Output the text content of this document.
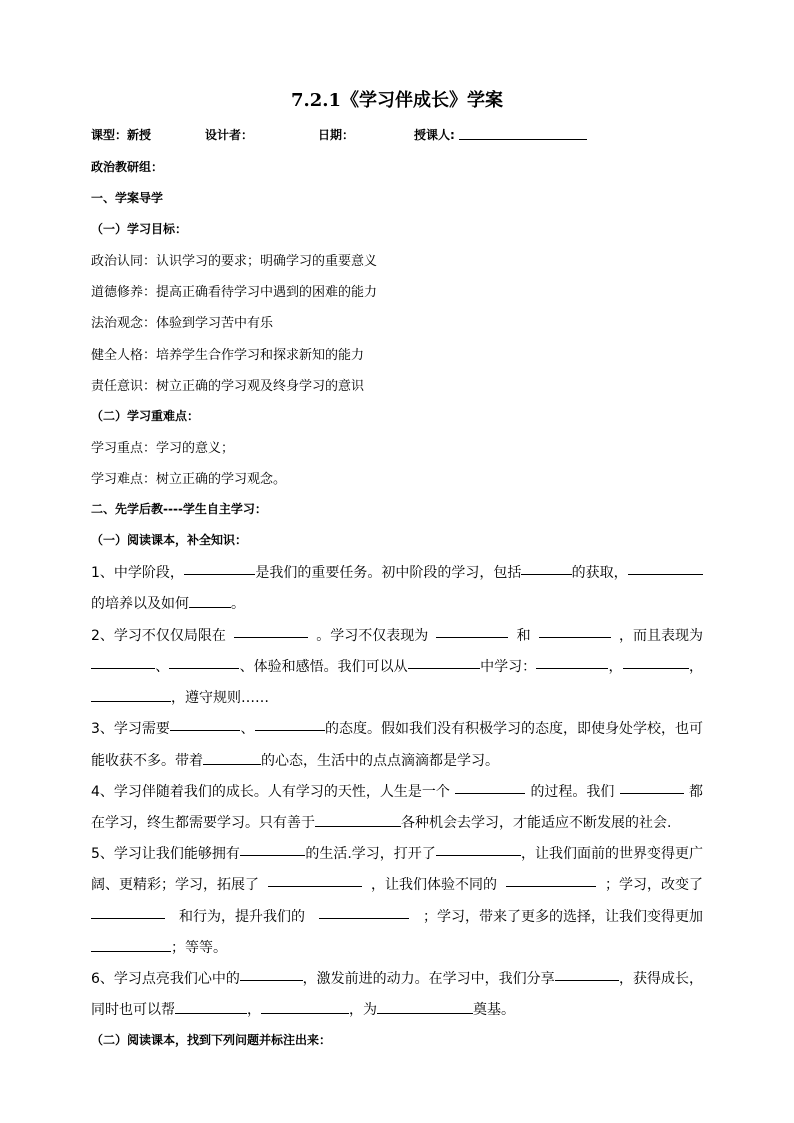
7.2.1《学习伴成长》学案
课型：新授	设计者：	日期：	授课人:
政治教研组：
一、学案导学
（一）学习目标：
政治认同：认识学习的要求；明确学习的重要意义
道德修养：提高正确看待学习中遇到的困难的能力
法治观念：体验到学习苦中有乐
健全人格：培养学生合作学习和探求新知的能力
责任意识：树立正确的学习观及终身学习的意识
（二）学习重难点：
学习重点：学习的意义；
学习难点：树立正确的学习观念。
二、先学后教----学生自主学习：
（一）阅读课本，补全知识：
1、中学阶段，	是我们的重要任务。初中阶段的学习，包括	的获取，
的培养以及如何	。
2、学习不仅仅局限在	。学习不仅表现为	和	，而且表现为
、	、体验和感悟。我们可以从	中学习：	，	，
，遵守规则……
3、学习需要	、	的态度。假如我们没有积极学习的态度，即使身处学校，也可
能收获不多。带着	的心态，生活中的点点滴滴都是学习。
4、学习伴随着我们的成长。人有学习的天性，人生是一个	的过程。我们	都
在学习，终生都需要学习。只有善于	各种机会去学习，才能适应不断发展的社会.
5、学习让我们能够拥有	的生活.学习，打开了	，让我们面前的世界变得更广
阔、更精彩；学习，拓展了	，让我们体验不同的	；学习，改变了
和行为，提升我们的	；学习，带来了更多的选择，让我们变得更加
；等等。
6、学习点亮我们心中的	，激发前进的动力。在学习中，我们分享	，获得成长，
同时也可以帮	，	，为	奠基。
（二）阅读课本，找到下列问题并标注出来：
